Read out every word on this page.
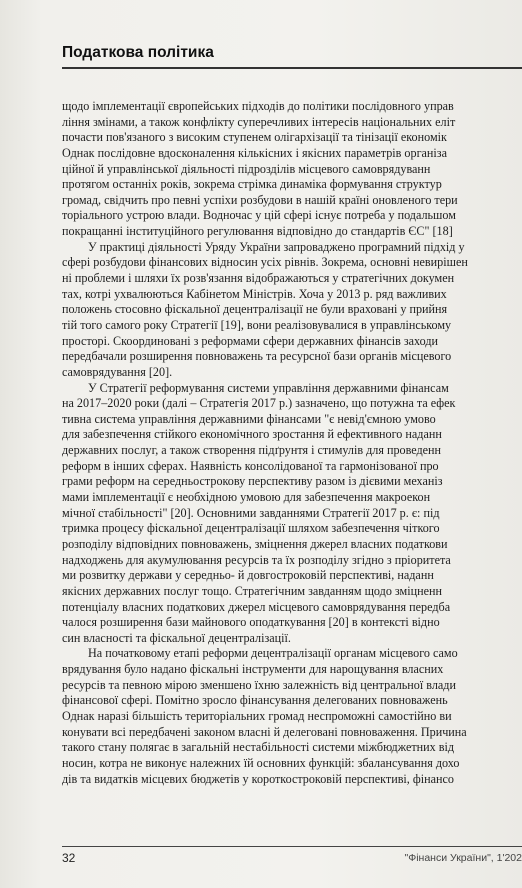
Податкова політика
щодо імплементації європейських підходів до політики послідовного управ
ління змінами, а також конфлікту суперечливих інтересів національних еліт
почасти пов'язаного з високим ступенем олігархізації та тінізації економік
Однак послідовне вдосконалення кількісних і якісних параметрів організа
ційної й управлінської діяльності підрозділів місцевого самоврядуванн
протягом останніх років, зокрема стрімка динаміка формування структур
громад, свідчить про певні успіхи розбудови в нашій країні оновленого тери
торіального устрою влади. Водночас у цій сфері існує потреба у подальшом
покращанні інституційного регулювання відповідно до стандартів ЄС" [18]
У практиці діяльності Уряду України запроваджено програмний підхід у
сфері розбудови фінансових відносин усіх рівнів. Зокрема, основні невирішен
ні проблеми і шляхи їх розв'язання відображаються у стратегічних докумен
тах, котрі ухвалюються Кабінетом Міністрів. Хоча у 2013 р. ряд важливих
положень стосовно фіскальної децентралізації не були враховані у прийня
тій того самого року Стратегії [19], вони реалізовувалися в управлінському
просторі. Скоординовані з реформами сфери державних фінансів заходи
передбачали розширення повноважень та ресурсної бази органів місцевого
самоврядування [20].
У Стратегії реформування системи управління державними фінансам
на 2017–2020 роки (далі – Стратегія 2017 р.) зазначено, що потужна та ефек
тивна система управління державними фінансами "є невід'ємною умово
для забезпечення стійкого економічного зростання й ефективного наданн
державних послуг, а також створення підґрунтя і стимулів для проведенн
реформ в інших сферах. Наявність консолідованої та гармонізованої про
грами реформ на середньострокову перспективу разом із дієвими механіз
мами імплементації є необхідною умовою для забезпечення макроекон
мічної стабільності" [20]. Основними завданнями Стратегії 2017 р. є: під
тримка процесу фіскальної децентралізації шляхом забезпечення чіткого
розподілу відповідних повноважень, зміцнення джерел власних податкови
надходжень для акумулювання ресурсів та їх розподілу згідно з пріоритета
ми розвитку держави у середньо- й довгостроковій перспективі, наданн
якісних державних послуг тощо. Стратегічним завданням щодо зміцненн
потенціалу власних податкових джерел місцевого самоврядування передба
чалося розширення бази майнового оподаткування [20] в контексті відно
син власності та фіскальної децентралізації.
На початковому етапі реформи децентралізації органам місцевого само
врядування було надано фіскальні інструменти для нарощування власних
ресурсів та певною мірою зменшено їхню залежність від центральної влади
фінансової сфері. Помітно зросло фінансування делегованих повноважень
Однак наразі більшість територіальних громад неспроможні самостійно ви
конувати всі передбачені законом власні й делеговані повноваження. Причина
такого стану полягає в загальній нестабільності системи міжбюджетних від
носин, котра не виконує належних їй основних функцій: збалансування дохо
дів та видатків місцевих бюджетів у короткостроковій перспективі, фінансо
32	"Фінанси України", 1'202
